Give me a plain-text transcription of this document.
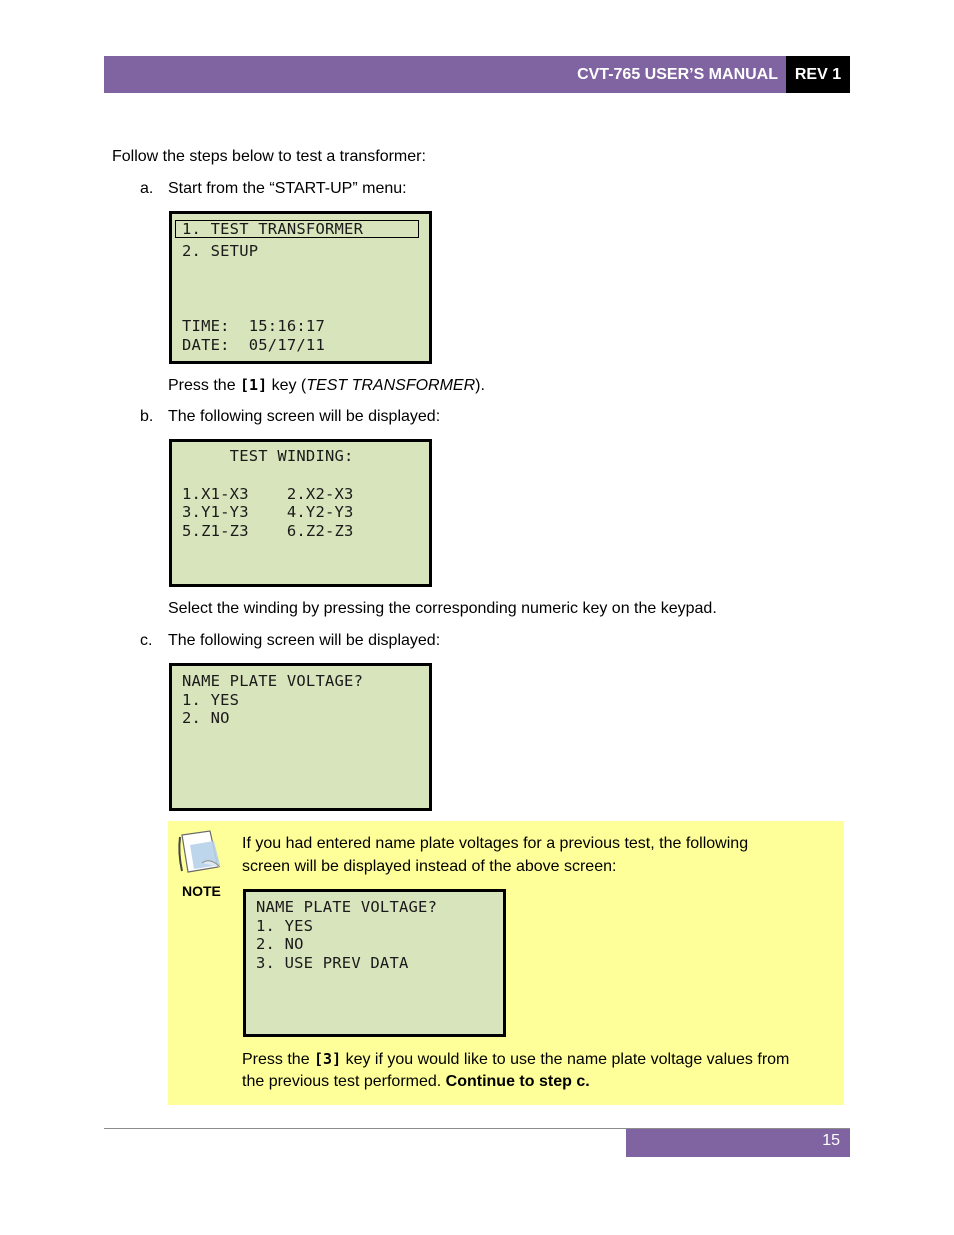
CVT-765 USER’S MANUAL	REV 1
Follow the steps below to test a transformer:
a. Start from the “START-UP” menu:
1. TEST TRANSFORMER
2. SETUP
TIME:  15:16:17
DATE:  05/17/11
Press the [1] key (TEST TRANSFORMER).
b. The following screen will be displayed:
TEST WINDING:
1.X1-X3    2.X2-X3
3.Y1-Y3    4.Y2-Y3
5.Z1-Z3    6.Z2-Z3
Select the winding by pressing the corresponding numeric key on the keypad.
c. The following screen will be displayed:
NAME PLATE VOLTAGE?
1. YES
2. NO
NOTE
If you had entered name plate voltages for a previous test, the following
screen will be displayed instead of the above screen:
NAME PLATE VOLTAGE?
1. YES
2. NO
3. USE PREV DATA
Press the [3] key if you would like to use the name plate voltage values from
the previous test performed. Continue to step c.
15
